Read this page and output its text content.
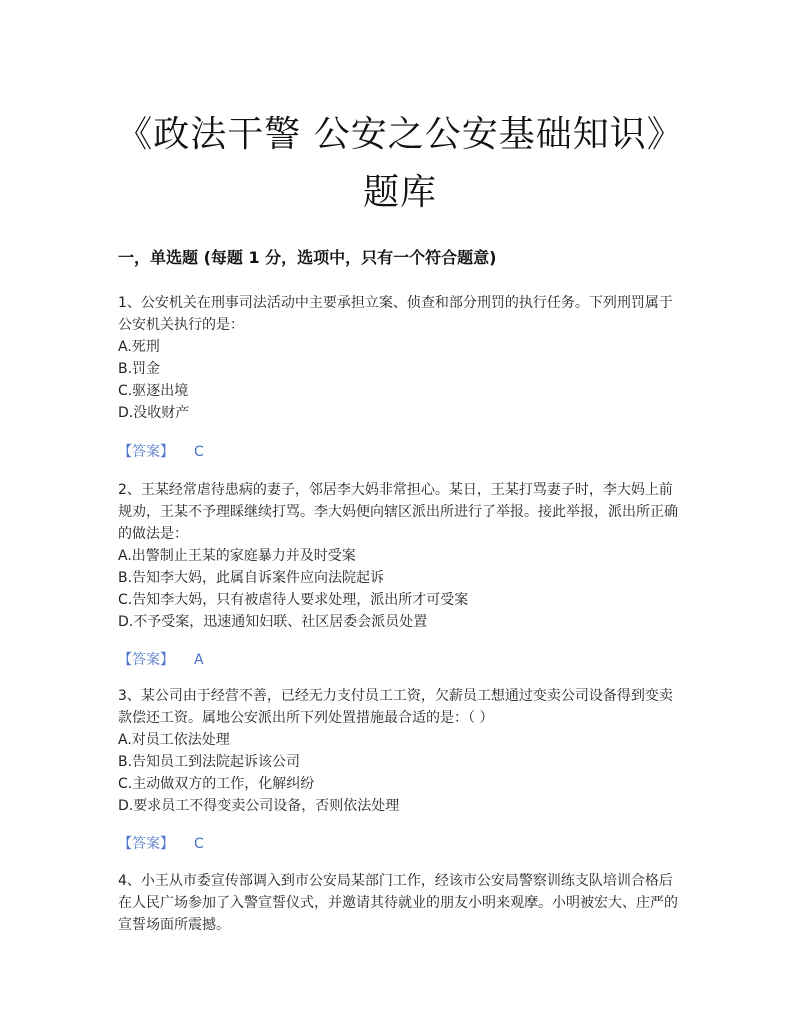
《政法干警 公安之公安基础知识》题库
一，单选题 (每题 1 分，选项中，只有一个符合题意)
1、公安机关在刑事司法活动中主要承担立案、侦查和部分刑罚的执行任务。下列刑罚属于公安机关执行的是：
A.死刑
B.罚金
C.驱逐出境
D.没收财产
【答案】 C
2、王某经常虐待患病的妻子，邻居李大妈非常担心。某日，王某打骂妻子时，李大妈上前规劝，王某不予理睬继续打骂。李大妈便向辖区派出所进行了举报。接此举报，派出所正确的做法是：
A.出警制止王某的家庭暴力并及时受案
B.告知李大妈，此属自诉案件应向法院起诉
C.告知李大妈，只有被虐待人要求处理，派出所才可受案
D.不予受案，迅速通知妇联、社区居委会派员处置
【答案】 A
3、某公司由于经营不善，已经无力支付员工工资，欠薪员工想通过变卖公司设备得到变卖款偿还工资。属地公安派出所下列处置措施最合适的是：（ ）
A.对员工依法处理
B.告知员工到法院起诉该公司
C.主动做双方的工作，化解纠纷
D.要求员工不得变卖公司设备，否则依法处理
【答案】 C
4、小王从市委宣传部调入到市公安局某部门工作，经该市公安局警察训练支队培训合格后在人民广场参加了入警宣誓仪式，并邀请其待就业的朋友小明来观摩。小明被宏大、庄严的宣誓场面所震撼。
